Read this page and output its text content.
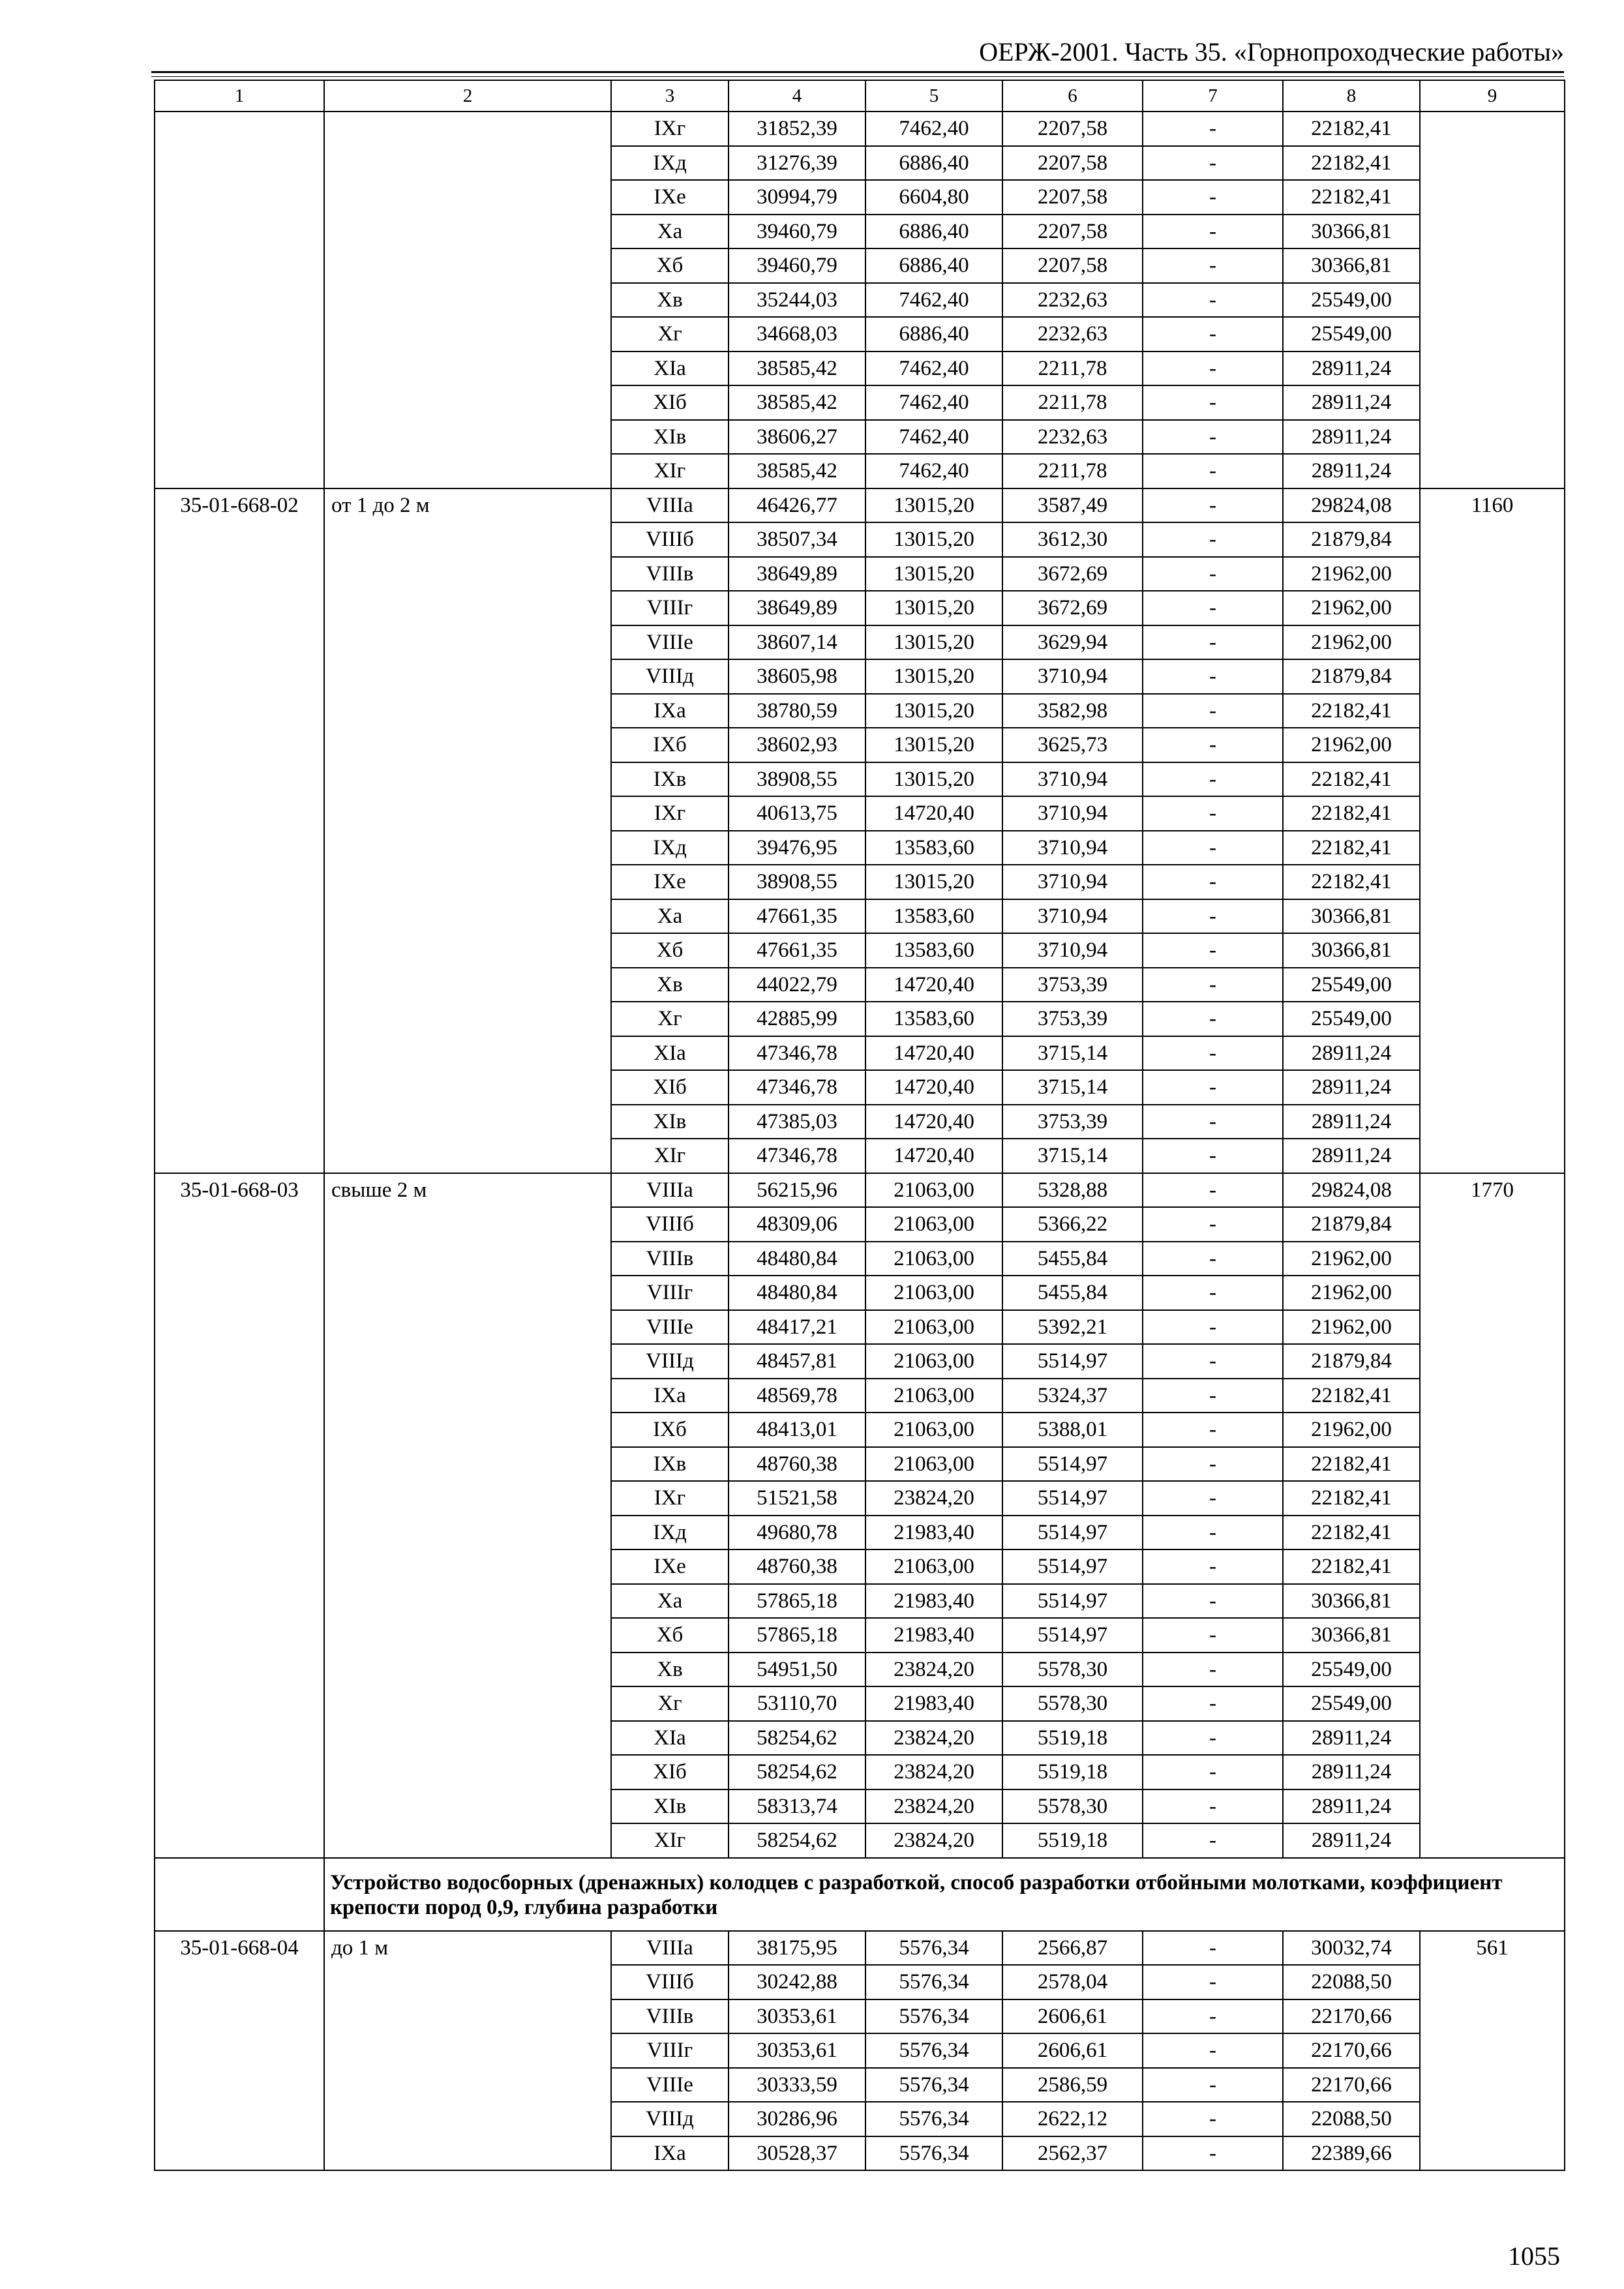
ОЕРЖ-2001. Часть 35. «Горнопроходческие работы»
1	2	3	4	5	6	7	8	9
		IXг	31852,39	7462,40	2207,58	-	22182,41	
		IXд	31276,39	6886,40	2207,58	-	22182,41	
		IXе	30994,79	6604,80	2207,58	-	22182,41	
		Xа	39460,79	6886,40	2207,58	-	30366,81	
		Xб	39460,79	6886,40	2207,58	-	30366,81	
		Xв	35244,03	7462,40	2232,63	-	25549,00	
		Xг	34668,03	6886,40	2232,63	-	25549,00	
		XIа	38585,42	7462,40	2211,78	-	28911,24	
		XIб	38585,42	7462,40	2211,78	-	28911,24	
		XIв	38606,27	7462,40	2232,63	-	28911,24	
		XIг	38585,42	7462,40	2211,78	-	28911,24	
35-01-668-02	от 1 до 2 м	VIIIа	46426,77	13015,20	3587,49	-	29824,08	1160
		VIIIб	38507,34	13015,20	3612,30	-	21879,84	
		VIIIв	38649,89	13015,20	3672,69	-	21962,00	
		VIIIг	38649,89	13015,20	3672,69	-	21962,00	
		VIIIе	38607,14	13015,20	3629,94	-	21962,00	
		VIIIд	38605,98	13015,20	3710,94	-	21879,84	
		IXа	38780,59	13015,20	3582,98	-	22182,41	
		IXб	38602,93	13015,20	3625,73	-	21962,00	
		IXв	38908,55	13015,20	3710,94	-	22182,41	
		IXг	40613,75	14720,40	3710,94	-	22182,41	
		IXд	39476,95	13583,60	3710,94	-	22182,41	
		IXе	38908,55	13015,20	3710,94	-	22182,41	
		Xа	47661,35	13583,60	3710,94	-	30366,81	
		Xб	47661,35	13583,60	3710,94	-	30366,81	
		Xв	44022,79	14720,40	3753,39	-	25549,00	
		Xг	42885,99	13583,60	3753,39	-	25549,00	
		XIа	47346,78	14720,40	3715,14	-	28911,24	
		XIб	47346,78	14720,40	3715,14	-	28911,24	
		XIв	47385,03	14720,40	3753,39	-	28911,24	
		XIг	47346,78	14720,40	3715,14	-	28911,24	
35-01-668-03	свыше 2 м	VIIIа	56215,96	21063,00	5328,88	-	29824,08	1770
		VIIIб	48309,06	21063,00	5366,22	-	21879,84	
		VIIIв	48480,84	21063,00	5455,84	-	21962,00	
		VIIIг	48480,84	21063,00	5455,84	-	21962,00	
		VIIIе	48417,21	21063,00	5392,21	-	21962,00	
		VIIIд	48457,81	21063,00	5514,97	-	21879,84	
		IXа	48569,78	21063,00	5324,37	-	22182,41	
		IXб	48413,01	21063,00	5388,01	-	21962,00	
		IXв	48760,38	21063,00	5514,97	-	22182,41	
		IXг	51521,58	23824,20	5514,97	-	22182,41	
		IXд	49680,78	21983,40	5514,97	-	22182,41	
		IXе	48760,38	21063,00	5514,97	-	22182,41	
		Xа	57865,18	21983,40	5514,97	-	30366,81	
		Xб	57865,18	21983,40	5514,97	-	30366,81	
		Xв	54951,50	23824,20	5578,30	-	25549,00	
		Xг	53110,70	21983,40	5578,30	-	25549,00	
		XIа	58254,62	23824,20	5519,18	-	28911,24	
		XIб	58254,62	23824,20	5519,18	-	28911,24	
		XIв	58313,74	23824,20	5578,30	-	28911,24	
		XIг	58254,62	23824,20	5519,18	-	28911,24	
	Устройство водосборных (дренажных) колодцев с разработкой, способ разработки отбойными молотками, коэффициент крепости пород 0,9, глубина разработки							
35-01-668-04	до 1 м	VIIIа	38175,95	5576,34	2566,87	-	30032,74	561
		VIIIб	30242,88	5576,34	2578,04	-	22088,50	
		VIIIв	30353,61	5576,34	2606,61	-	22170,66	
		VIIIг	30353,61	5576,34	2606,61	-	22170,66	
		VIIIе	30333,59	5576,34	2586,59	-	22170,66	
		VIIIд	30286,96	5576,34	2622,12	-	22088,50	
		IXа	30528,37	5576,34	2562,37	-	22389,66	
1055
